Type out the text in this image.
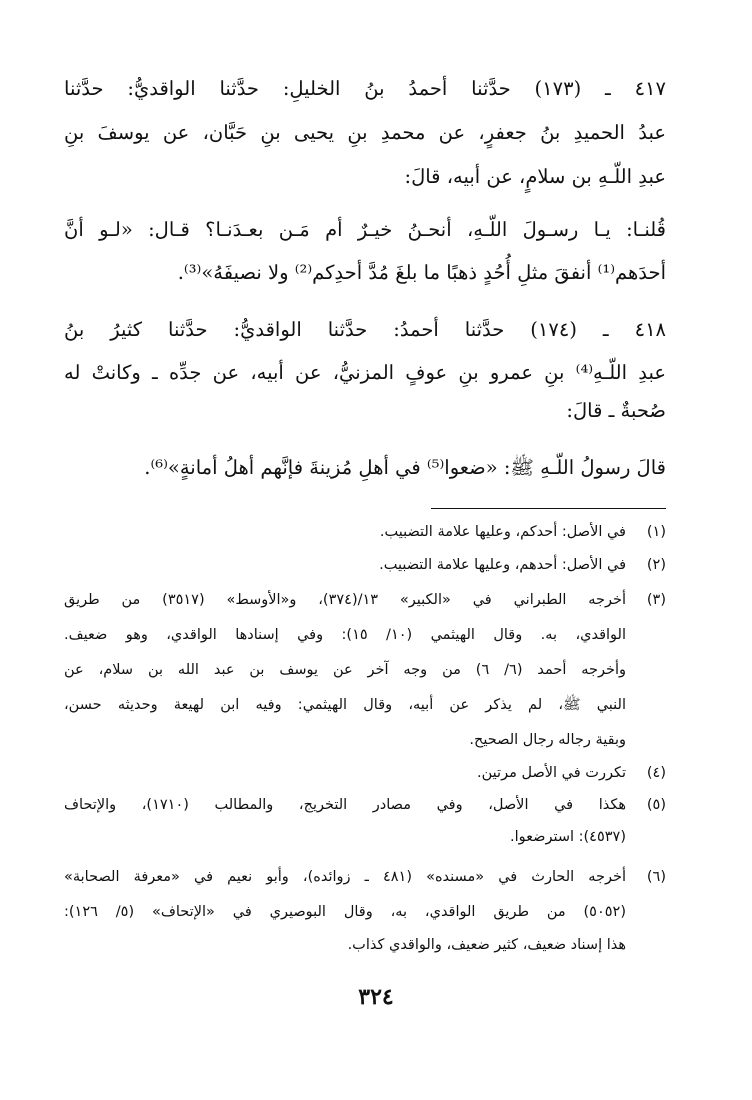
٤١٧ ـ (١٧٣) حدَّثنا أحمدُ بنُ الخليلِ: حدَّثنا الواقديُّ: حدَّثنا
عبدُ الحميدِ بنُ جعفرٍ، عن محمدِ بنِ يحيى بنِ حَبَّان، عن يوسفَ بنِ
عبدِ اللّـهِ بن سلامٍ، عن أبيه، قالَ:
قُلنـا: يـا رسـولَ اللّـهِ، أنحـنُ خيـرٌ أم مَـن بعـدَنـا؟ قـال: «لـو أنَّ
أحدَهم⁽¹⁾ أنفقَ مثلِ أُحُدٍ ذهبًا ما بلغَ مُدَّ أحدِكم⁽²⁾ ولا نصيفَهُ»⁽³⁾.
٤١٨ ـ (١٧٤) حدَّثنا أحمدُ: حدَّثنا الواقديُّ: حدَّثنا كثيرُ بنُ
عبدِ اللّـهِ⁽⁴⁾ بنِ عمرو بنِ عوفٍ المزنيُّ، عن أبيه، عن جدِّه ـ وكانتْ له
صُحبةٌ ـ قالَ:
قالَ رسولُ اللّـهِ ﷺ: «ضعوا⁽⁵⁾ في أهلِ مُزينةَ فإنَّهم أهلُ أمانةٍ»⁽⁶⁾.
(١)
في الأصل: أحدكم، وعليها علامة التضبيب.
(٢)
في الأصل: أحدهم، وعليها علامة التضبيب.
(٣)
أخرجه الطبراني في «الكبير» ١٣/(٣٧٤)، و«الأوسط» (٣٥١٧) من طريق
الواقدي، به. وقال الهيثمي (١٠/ ١٥): وفي إسنادها الواقدي، وهو ضعيف.
وأخرجه أحمد (٦/ ٦) من وجه آخر عن يوسف بن عبد الله بن سلام، عن
النبي ﷺ، لم يذكر عن أبيه، وقال الهيثمي: وفيه ابن لهيعة وحديثه حسن،
وبقية رجاله رجال الصحيح.
(٤)
تكررت في الأصل مرتين.
(٥)
هكذا في الأصل، وفي مصادر التخريج، والمطالب (١٧١٠)، والإتحاف
(٤٥٣٧): استرضعوا.
(٦)
أخرجه الحارث في «مسنده» (٤٨١ ـ زوائده)، وأبو نعيم في «معرفة الصحابة»
(٥٠٥٢) من طريق الواقدي، به، وقال البوصيري في «الإتحاف» (٥/ ١٢٦):
هذا إسناد ضعيف، كثير ضعيف، والواقدي كذاب.
٣٢٤
